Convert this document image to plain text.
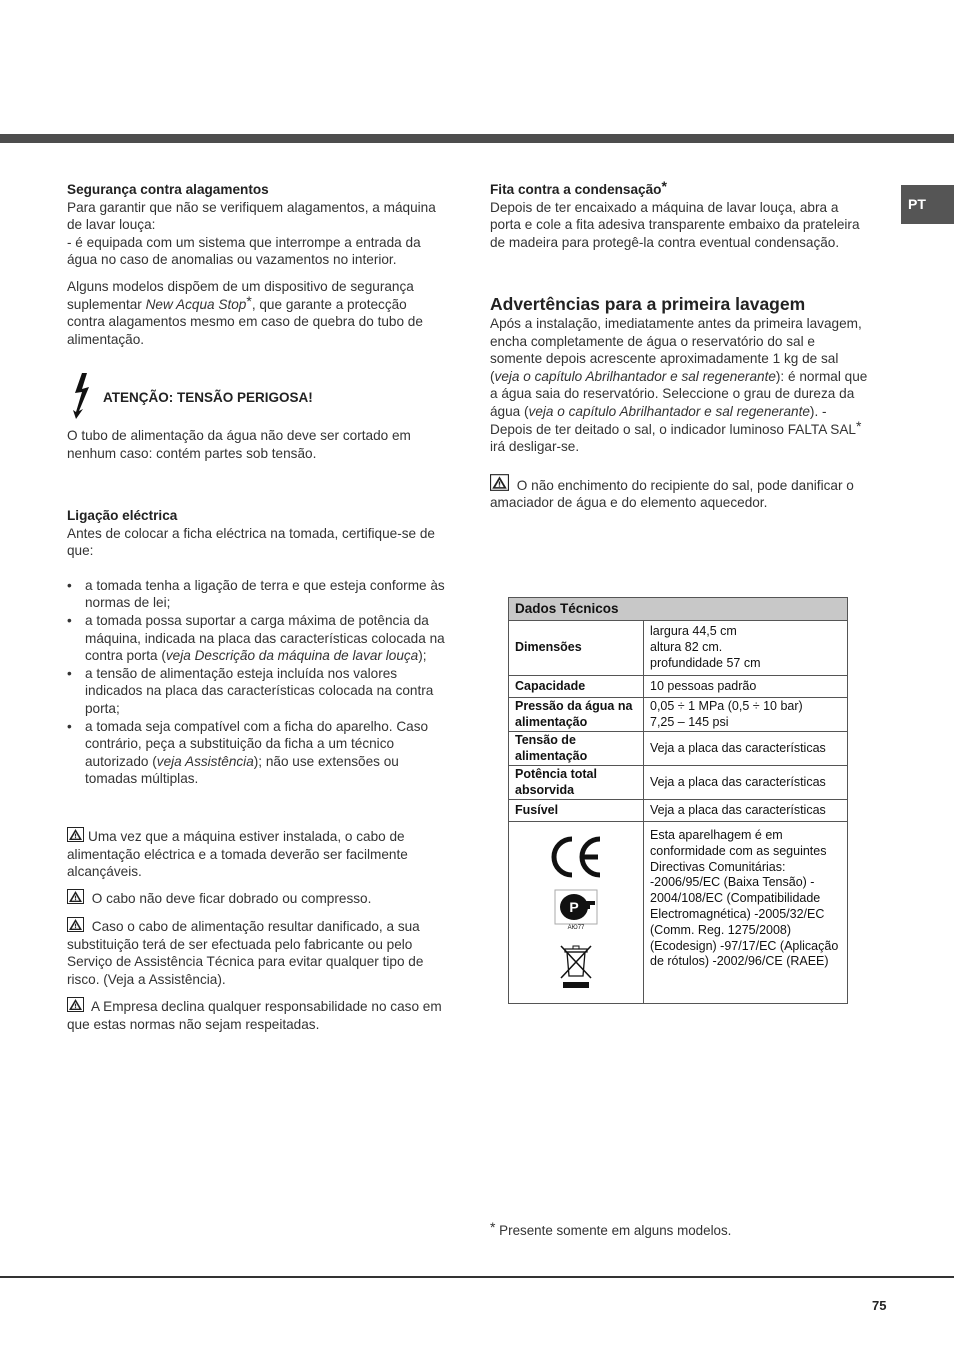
PT
Segurança contra alagamentos

Para garantir que não se verifiquem alagamentos, a máquina de lavar louça:

- é equipada com um sistema que interrompe a entrada da água no caso de anomalias ou vazamentos no interior.

Alguns modelos dispõem de um dispositivo de segurança suplementar New Acqua Stop*, que garante a protecção contra alagamentos mesmo em caso de quebra do tubo de alimentação.

ATENÇÃO: TENSÃO PERIGOSA!
O tubo de alimentação da água não deve ser cortado em nenhum caso: contém partes sob tensão.
Ligação eléctrica

Antes de colocar a ficha eléctrica na tomada, certifique-se de que:

• a tomada tenha a ligação de terra e que esteja conforme às normas de lei;
• a tomada possa suportar a carga máxima de potência da máquina, indicada na placa das características colocada na contra porta (veja Descrição da máquina de lavar louça);
• a tensão de alimentação esteja incluída nos valores indicados na placa das características colocada na contra porta;
• a tomada seja compatível com a ficha do aparelho. Caso contrário, peça a substituição da ficha a um técnico autorizado (veja Assistência); não use extensões ou tomadas múltiplas.
Uma vez que a máquina estiver instalada, o cabo de alimentação eléctrica e a tomada deverão ser facilmente alcançáveis.
O cabo não deve ficar dobrado ou compresso.
Caso o cabo de alimentação resultar danificado, a sua substituição terá de ser efectuada pelo fabricante ou pelo Serviço de Assistência Técnica para evitar qualquer tipo de risco. (Veja a Assistência).
A Empresa declina qualquer responsabilidade no caso em que estas normas não sejam respeitadas.
Fita contra a condensação*

Depois de ter encaixado a máquina de lavar louça, abra a porta e cole a fita adesiva transparente embaixo da prateleira de madeira para protegê-la contra eventual condensação.

Advertências para a primeira lavagem

Após a instalação, imediatamente antes da primeira lavagem, encha completamente de água o reservatório do sal e somente depois acrescente aproximadamente 1 kg de sal (veja o capítulo Abrilhantador e sal regenerante): é normal que a água saia do reservatório. Seleccione o grau de dureza da água (veja o capítulo Abrilhantador e sal regenerante). - Depois de ter deitado o sal, o indicador luminoso FALTA SAL* irá desligar-se.

O não enchimento do recipiente do sal, pode danificar o amaciador de água e do elemento aquecedor.

Dados Técnicos	
Dimensões	largura 44,5 cm
altura 82 cm.
profundidade 57 cm

Capacidade	10 pessoas padrão
Pressão da água na alimentação	0,05 ÷ 1 MPa (0,5 ÷ 10 bar)
7,25 – 145 psi

Tensão de alimentação	Veja a placa das características
Potência total absorvida	Veja a placa das características
Fusível	Veja a placa das características

P
AЮ77	Esta aparelhagem é em conformidade com as seguintes Directivas Comunitárias: -2006/95/EC (Baixa Tensão) - 2004/108/EC (Compatibilidade Electromagnética) -2005/32/EC (Comm. Reg. 1275/2008) (Ecodesign) -97/17/EC (Aplicação de rótulos) -2002/96/CE (RAEE)
* Presente somente em alguns modelos.
75
